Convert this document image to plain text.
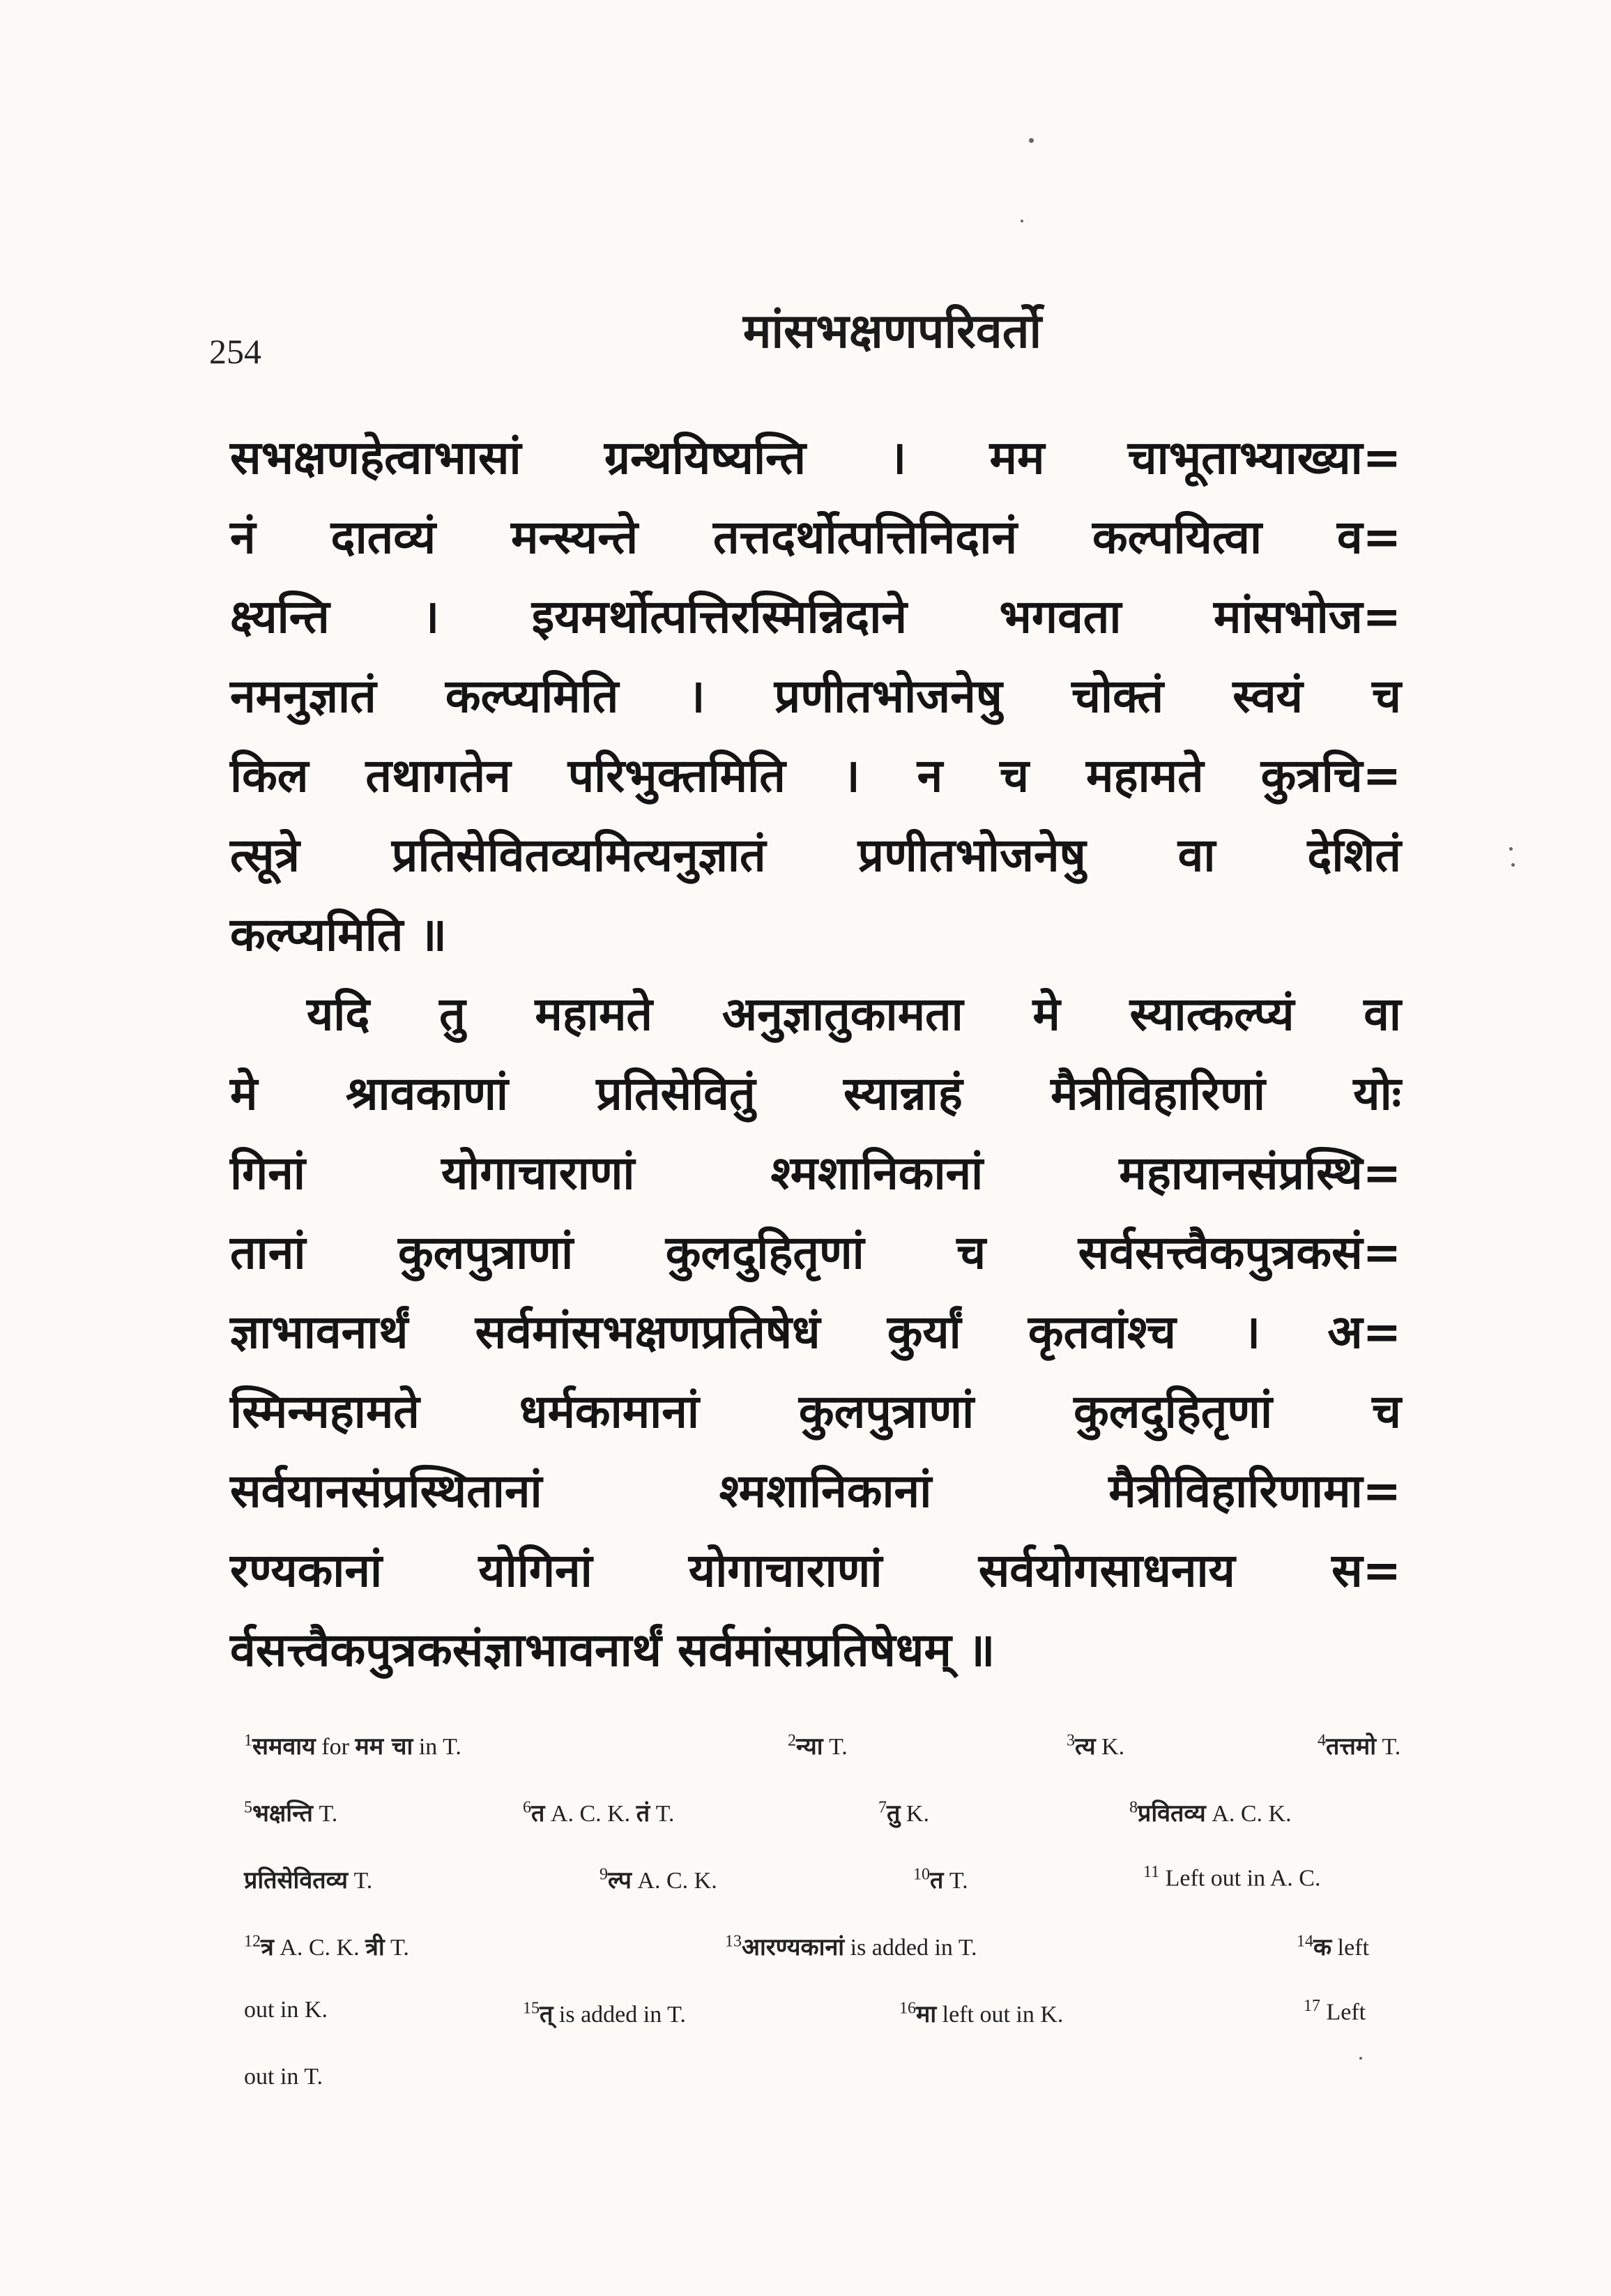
254	मांसभक्षणपरिवर्तो
सभक्षणहेत्वाभासां ग्रन्थयिष्यन्ति । मम चाभूताभ्याख्या=
नं दातव्यं मन्स्यन्ते तत्तदर्थोत्पत्तिनिदानं कल्पयित्वा व=
क्ष्यन्ति । इयमर्थोत्पत्तिरस्मिन्निदाने भगवता मांसभोज=
नमनुज्ञातं कल्प्यमिति । प्रणीतभोजनेषु चोक्तं स्वयं च
किल तथागतेन परिभुक्तमिति । न च महामते कुत्रचि=
त्सूत्रे प्रतिसेवितव्यमित्यनुज्ञातं प्रणीतभोजनेषु वा देशितं
कल्प्यमिति ॥
यदि तु महामते अनुज्ञातुकामता मे स्यात्कल्प्यं वा
मे श्रावकाणां प्रतिसेवितुं स्यान्नाहं मैत्रीविहारिणां योः
गिनां योगाचाराणां श्मशानिकानां महायानसंप्रस्थि=
तानां कुलपुत्राणां कुलदुहितृणां च सर्वसत्त्वैकपुत्रकसं=
ज्ञाभावनार्थं सर्वमांसभक्षणप्रतिषेधं कुर्यां कृतवांश्च । अ=
स्मिन्महामते धर्मकामानां कुलपुत्राणां कुलदुहितृणां च
सर्वयानसंप्रस्थितानां श्मशानिकानां मैत्रीविहारिणामा=
रण्यकानां योगिनां योगाचाराणां सर्वयोगसाधनाय स=
र्वसत्त्वैकपुत्रकसंज्ञाभावनार्थं सर्वमांसप्रतिषेधम् ॥
$^1$समवाय for मम चा in T.	$^2$न्या T.	$^3$त्य K.	$^4$तत्तमो T.
$^5$भक्षन्ति T.	$^6$त A. C. K. तं T.	$^7$तु K.	$^8$प्रवितव्य A. C. K.
प्रतिसेवितव्य T.	$^9$ल्प A. C. K.	$^{10}$त T.	$^{11}$ Left out in A. C.
$^{12}$त्र A. C. K. त्री T.	$^{13}$आरण्यकानां is added in T.	$^{14}$क left
out in K.	$^{15}$त् is added in T.	$^{16}$मा left out in K.	$^{17}$ Left
out in T.
